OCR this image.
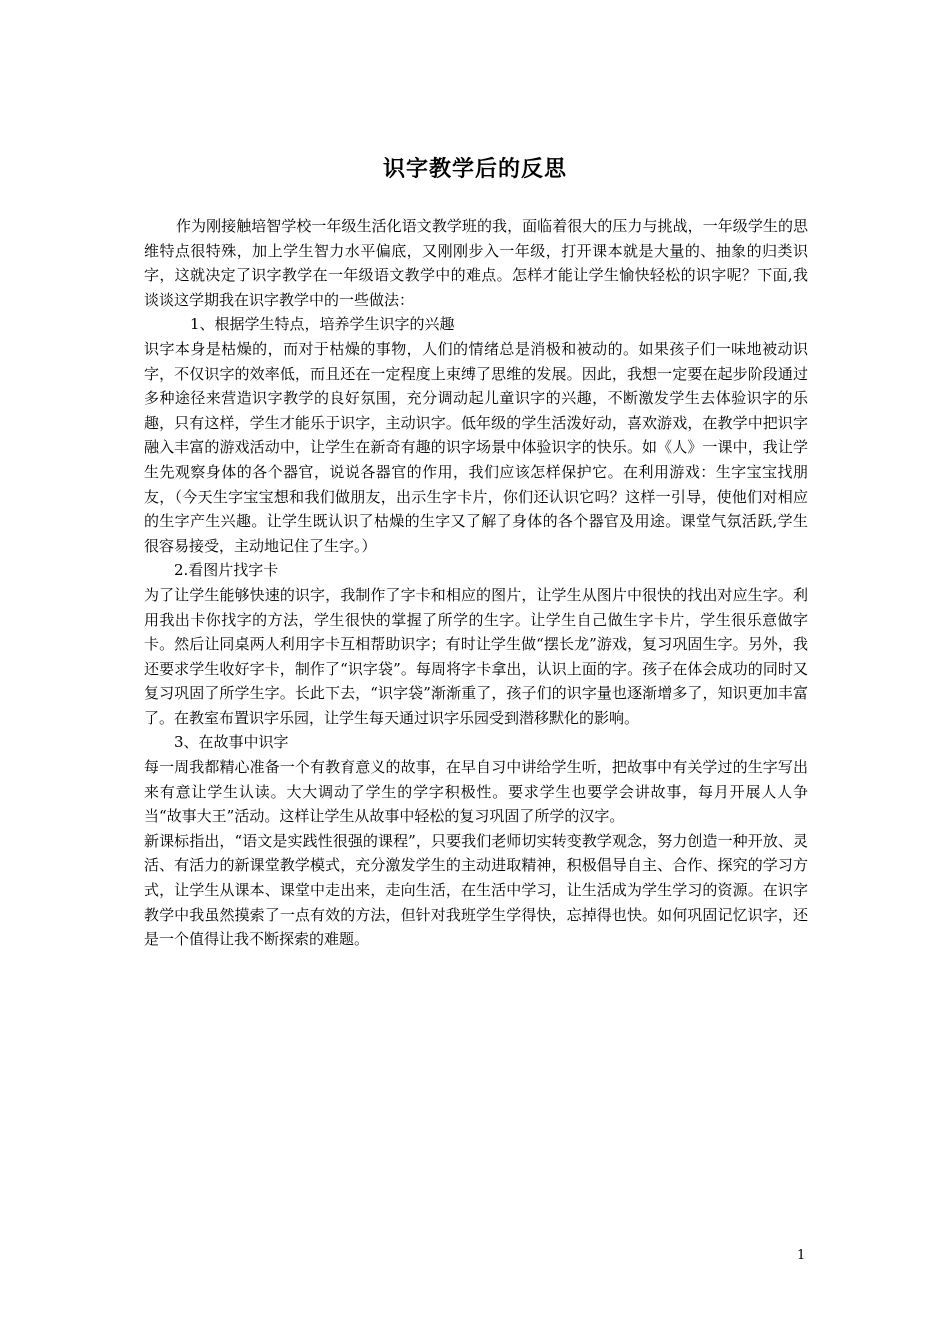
识字教学后的反思

作为刚接触培智学校一年级生活化语文教学班的我，面临着很大的压力与挑战，一年级学生的思维特点很特殊，加上学生智力水平偏底，又刚刚步入一年级，打开课本就是大量的、抽象的归类识字，这就决定了识字教学在一年级语文教学中的难点。怎样才能让学生愉快轻松的识字呢？下面,我谈谈这学期我在识字教学中的一些做法：

1、根据学生特点，培养学生识字的兴趣

识字本身是枯燥的，而对于枯燥的事物，人们的情绪总是消极和被动的。如果孩子们一味地被动识字，不仅识字的效率低，而且还在一定程度上束缚了思维的发展。因此，我想一定要在起步阶段通过多种途径来营造识字教学的良好氛围，充分调动起儿童识字的兴趣，不断激发学生去体验识字的乐趣，只有这样，学生才能乐于识字，主动识字。低年级的学生活泼好动，喜欢游戏，在教学中把识字融入丰富的游戏活动中，让学生在新奇有趣的识字场景中体验识字的快乐。如《人》一课中，我让学生先观察身体的各个器官，说说各器官的作用，我们应该怎样保护它。在利用游戏：生字宝宝找朋友，（今天生字宝宝想和我们做朋友，出示生字卡片，你们还认识它吗？这样一引导，使他们对相应的生字产生兴趣。让学生既认识了枯燥的生字又了解了身体的各个器官及用途。课堂气氛活跃,学生很容易接受，主动地记住了生字。）

2.看图片找字卡

为了让学生能够快速的识字，我制作了字卡和相应的图片，让学生从图片中很快的找出对应生字。利用我出卡你找字的方法，学生很快的掌握了所学的生字。让学生自己做生字卡片，学生很乐意做字卡。然后让同桌两人利用字卡互相帮助识字；有时让学生做“摆长龙”游戏，复习巩固生字。另外，我还要求学生收好字卡，制作了“识字袋”。每周将字卡拿出，认识上面的字。孩子在体会成功的同时又复习巩固了所学生字。长此下去，“识字袋”渐渐重了，孩子们的识字量也逐渐增多了，知识更加丰富了。在教室布置识字乐园，让学生每天通过识字乐园受到潜移默化的影响。

3、在故事中识字

每一周我都精心准备一个有教育意义的故事，在早自习中讲给学生听，把故事中有关学过的生字写出来有意让学生认读。大大调动了学生的学字积极性。要求学生也要学会讲故事，每月开展人人争当“故事大王”活动。这样让学生从故事中轻松的复习巩固了所学的汉字。

新课标指出，“语文是实践性很强的课程”，只要我们老师切实转变教学观念，努力创造一种开放、灵活、有活力的新课堂教学模式，充分激发学生的主动进取精神，积极倡导自主、合作、探究的学习方式，让学生从课本、课堂中走出来，走向生活，在生活中学习，让生活成为学生学习的资源。在识字教学中我虽然摸索了一点有效的方法，但针对我班学生学得快，忘掉得也快。如何巩固记忆识字，还是一个值得让我不断探索的难题。

1
